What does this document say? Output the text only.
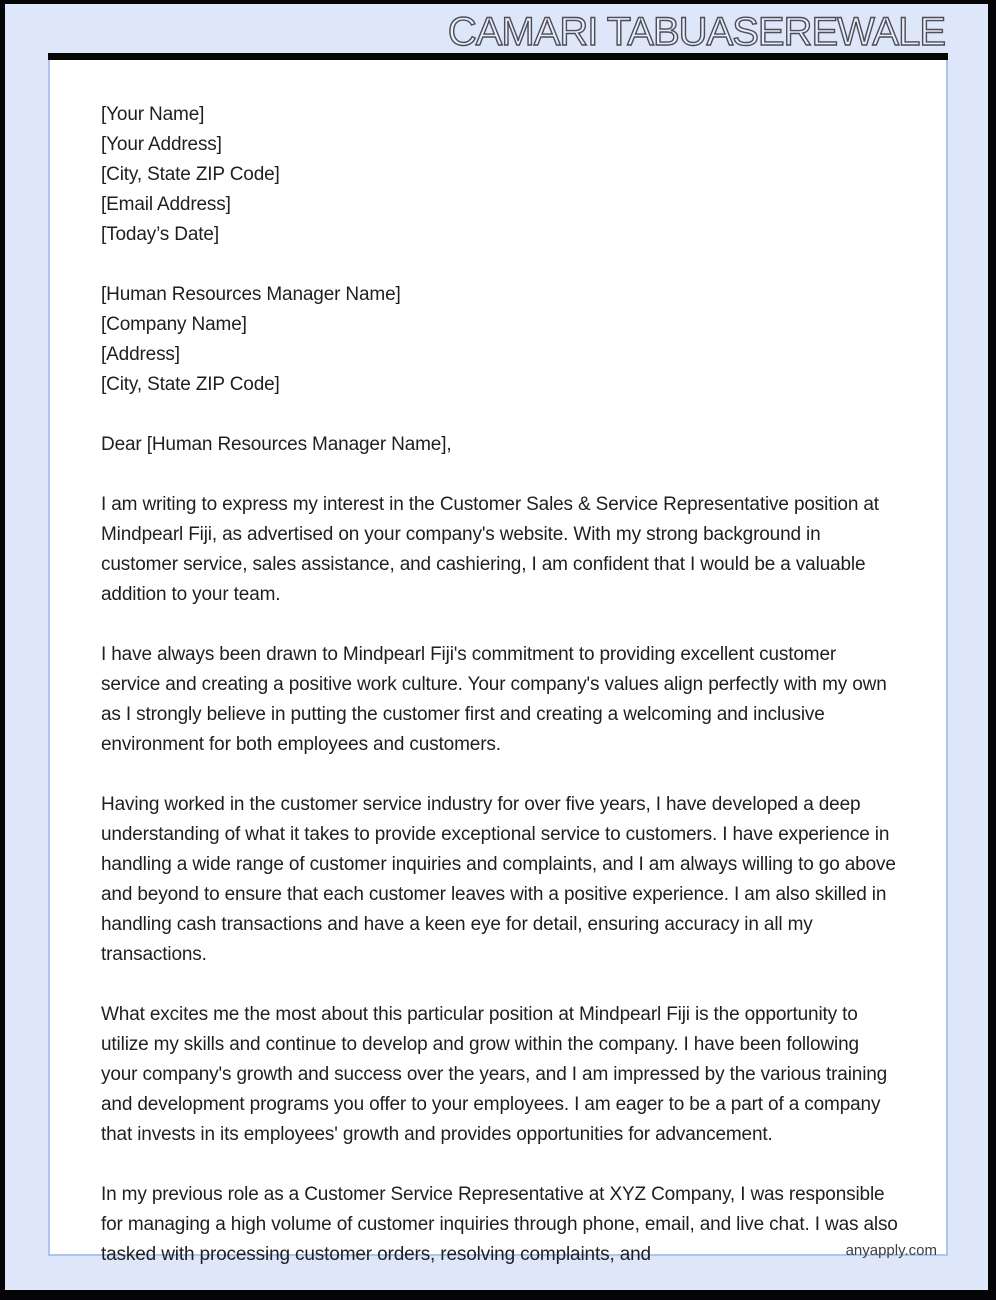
CAMARI TABUASEREWALE
[Your Name]
[Your Address]
[City, State ZIP Code]
[Email Address]
[Today’s Date]
[Human Resources Manager Name]
[Company Name]
[Address]
[City, State ZIP Code]
Dear [Human Resources Manager Name],
I am writing to express my interest in the Customer Sales & Service Representative position at Mindpearl Fiji, as advertised on your company's website. With my strong background in customer service, sales assistance, and cashiering, I am confident that I would be a valuable addition to your team.
I have always been drawn to Mindpearl Fiji's commitment to providing excellent customer service and creating a positive work culture. Your company's values align perfectly with my own as I strongly believe in putting the customer first and creating a welcoming and inclusive environment for both employees and customers.
Having worked in the customer service industry for over five years, I have developed a deep understanding of what it takes to provide exceptional service to customers. I have experience in handling a wide range of customer inquiries and complaints, and I am always willing to go above and beyond to ensure that each customer leaves with a positive experience. I am also skilled in handling cash transactions and have a keen eye for detail, ensuring accuracy in all my transactions.
What excites me the most about this particular position at Mindpearl Fiji is the opportunity to utilize my skills and continue to develop and grow within the company. I have been following your company's growth and success over the years, and I am impressed by the various training and development programs you offer to your employees. I am eager to be a part of a company that invests in its employees' growth and provides opportunities for advancement.
In my previous role as a Customer Service Representative at XYZ Company, I was responsible for managing a high volume of customer inquiries through phone, email, and live chat. I was also tasked with processing customer orders, resolving complaints, and	anyapply.com
